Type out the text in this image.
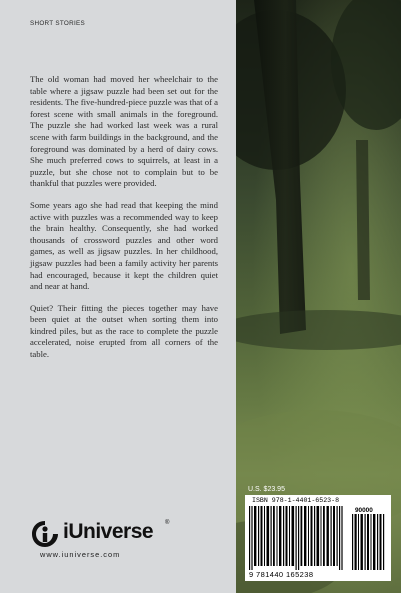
SHORT STORIES

The old woman had moved her wheelchair to the table where a jigsaw puzzle had been set out for the residents. The five-hundred-piece puzzle was that of a forest scene with small animals in the foreground. The puzzle she had worked last week was a rural scene with farm buildings in the background, and the foreground was dominated by a herd of dairy cows. She much preferred cows to squirrels, at least in a puzzle, but she chose not to complain but to be thankful that puzzles were provided.

Some years ago she had read that keeping the mind active with puzzles was a recommended way to keep the brain healthy. Consequently, she had worked thousands of crossword puzzles and other word games, as well as jigsaw puzzles. In her childhood, jigsaw puzzles had been a family activity her parents had encouraged, because it kept the children quiet and near at hand.

Quiet? Their fitting the pieces together may have been quiet at the outset when sorting them into kindred piles, but as the race to complete the puzzle accelerated, noise erupted from all corners of the table.

iUniverse ®
www.iuniverse.com
U.S. $23.95
ISBN 978-1-4401-6523-8
90000
9 781440 165238
